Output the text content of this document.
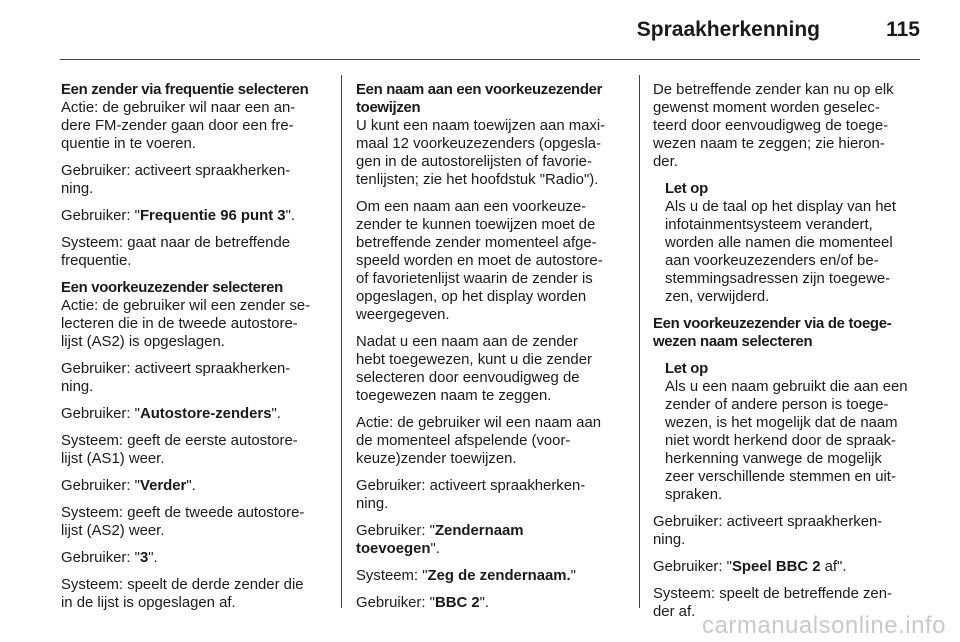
Spraakherkenning	115

Een zender via frequentie selecteren

Actie: de gebruiker wil naar een an-
dere FM-zender gaan door een fre-
quentie in te voeren.

Gebruiker: activeert spraakherken-
ning.

Gebruiker: "Frequentie 96 punt 3".

Systeem: gaat naar de betreffende
frequentie.

Een voorkeuzezender selecteren

Actie: de gebruiker wil een zender se-
lecteren die in de tweede autostore-
lijst (AS2) is opgeslagen.

Gebruiker: activeert spraakherken-
ning.

Gebruiker: "Autostore-zenders".

Systeem: geeft de eerste autostore-
lijst (AS1) weer.

Gebruiker: "Verder".

Systeem: geeft de tweede autostore-
lijst (AS2) weer.

Gebruiker: "3".

Systeem: speelt de derde zender die
in de lijst is opgeslagen af.

Een naam aan een voorkeuzezender
toewijzen

U kunt een naam toewijzen aan maxi-
maal 12 voorkeuzezenders (opgesla-
gen in de autostorelijsten of favorie-
tenlijsten; zie het hoofdstuk "Radio").

Om een naam aan een voorkeuze-
zender te kunnen toewijzen moet de
betreffende zender momenteel afge-
speeld worden en moet de autostore-
of favorietenlijst waarin de zender is
opgeslagen, op het display worden
weergegeven.

Nadat u een naam aan de zender
hebt toegewezen, kunt u die zender
selecteren door eenvoudigweg de
toegewezen naam te zeggen.

Actie: de gebruiker wil een naam aan
de momenteel afspelende (voor-
keuze)zender toewijzen.

Gebruiker: activeert spraakherken-
ning.

Gebruiker: "Zendernaam
toevoegen".

Systeem: "Zeg de zendernaam."

Gebruiker: "BBC 2".

De betreffende zender kan nu op elk
gewenst moment worden geselec-
teerd door eenvoudigweg de toege-
wezen naam te zeggen; zie hieron-
der.

Let op

Als u de taal op het display van het
infotainmentsysteem verandert,
worden alle namen die momenteel
aan voorkeuzezenders en/of be-
stemmingsadressen zijn toegewe-
zen, verwijderd.

Een voorkeuzezender via de toege-
wezen naam selecteren

Let op

Als u een naam gebruikt die aan een
zender of andere person is toege-
wezen, is het mogelijk dat de naam
niet wordt herkend door de spraak-
herkenning vanwege de mogelijk
zeer verschillende stemmen en uit-
spraken.

Gebruiker: activeert spraakherken-
ning.

Gebruiker: "Speel BBC 2 af".

Systeem: speelt de betreffende zen-
der af. carmanualsonline.info
